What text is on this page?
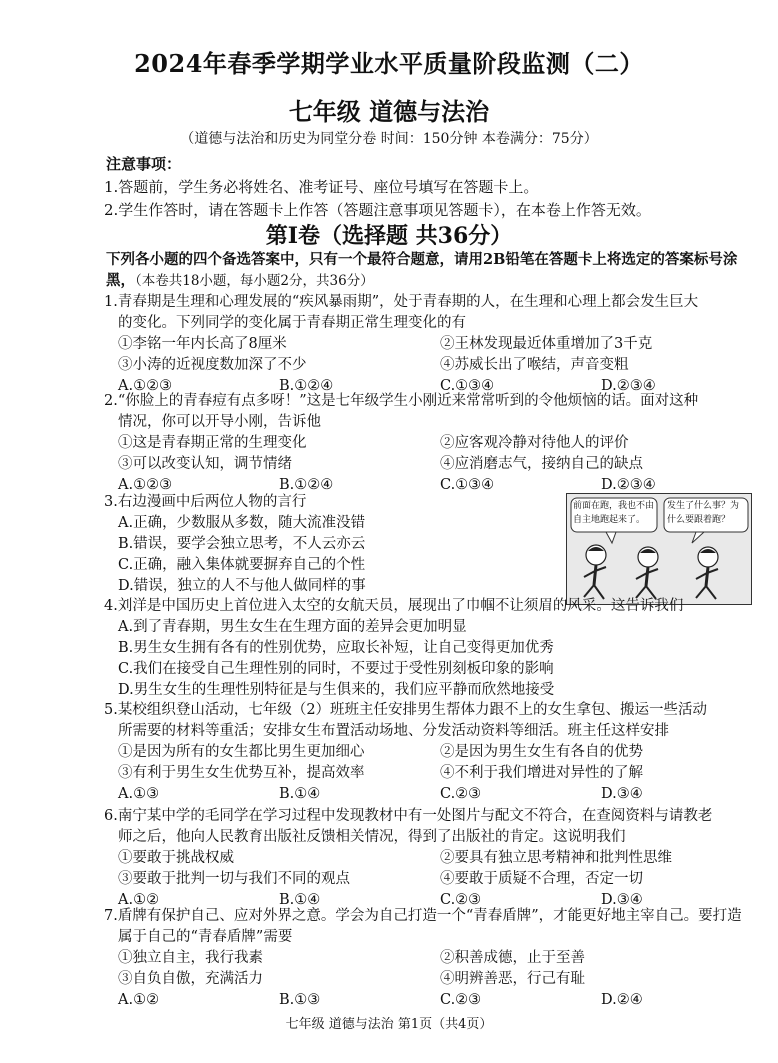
2024年春季学期学业水平质量阶段监测（二）
七年级 道德与法治
（道德与法治和历史为同堂分卷 时间：150分钟 本卷满分：75分）
注意事项：
1.答题前，学生务必将姓名、准考证号、座位号填写在答题卡上。
2.学生作答时，请在答题卡上作答（答题注意事项见答题卡），在本卷上作答无效。
第Ⅰ卷（选择题 共36分）
下列各小题的四个备选答案中，只有一个最符合题意，请用2B铅笔在答题卡上将选定的答案标号涂黑，（本卷共18小题，每小题2分，共36分）

1.青春期是生理和心理发展的“疾风暴雨期”，处于青春期的人，在生理和心理上都会发生巨大

的变化。下列同学的变化属于青春期正常生理变化的有

①李铭一年内长高了8厘米	②王林发现最近体重增加了3千克
③小涛的近视度数加深了不少	④苏威长出了喉结，声音变粗
A.①②③	B.①②④	C.①③④	D.②③④

2.“你脸上的青春痘有点多呀！”这是七年级学生小刚近来常常听到的令他烦恼的话。面对这种

情况，你可以开导小刚，告诉他

①这是青春期正常的生理变化	②应客观冷静对待他人的评价
③可以改变认知，调节情绪	④应消磨志气，接纳自己的缺点
A.①②③	B.①②④	C.①③④	D.②③④

3.右边漫画中后两位人物的言行

A.正确，少数服从多数，随大流准没错
B.错误，要学会独立思考，不人云亦云
C.正确，融入集体就要摒弃自己的个性
D.错误，独立的人不与他人做同样的事
前面在跑，我也不由自主地跑起来了。
发生了什么事？为什么要跟着跑？

4.刘洋是中国历史上首位进入太空的女航天员，展现出了巾帼不让须眉的风采。这告诉我们

A.到了青春期，男生女生在生理方面的差异会更加明显
B.男生女生拥有各有的性别优势，应取长补短，让自己变得更加优秀
C.我们在接受自己生理性别的同时，不要过于受性别刻板印象的影响
D.男生女生的生理性别特征是与生俱来的，我们应平静而欣然地接受

5.某校组织登山活动，七年级（2）班班主任安排男生帮体力跟不上的女生拿包、搬运一些活动

所需要的材料等重活；安排女生布置活动场地、分发活动资料等细活。班主任这样安排

①是因为所有的女生都比男生更加细心	②是因为男生女生有各自的优势
③有利于男生女生优势互补，提高效率	④不利于我们增进对异性的了解
A.①③	B.①④	C.②③	D.③④

6.南宁某中学的毛同学在学习过程中发现教材中有一处图片与配文不符合，在查阅资料与请教老

师之后，他向人民教育出版社反馈相关情况，得到了出版社的肯定。这说明我们

①要敢于挑战权威	②要具有独立思考精神和批判性思维
③要敢于批判一切与我们不同的观点	④要敢于质疑不合理，否定一切
A.①②	B.①④	C.②③	D.③④

7.盾牌有保护自己、应对外界之意。学会为自己打造一个“青春盾牌”，才能更好地主宰自己。要打造

属于自己的“青春盾牌”需要

①独立自主，我行我素	②积善成德，止于至善
③自负自傲，充满活力	④明辨善恶，行己有耻
A.①②	B.①③	C.②③	D.②④
七年级 道德与法治 第1页（共4页）
